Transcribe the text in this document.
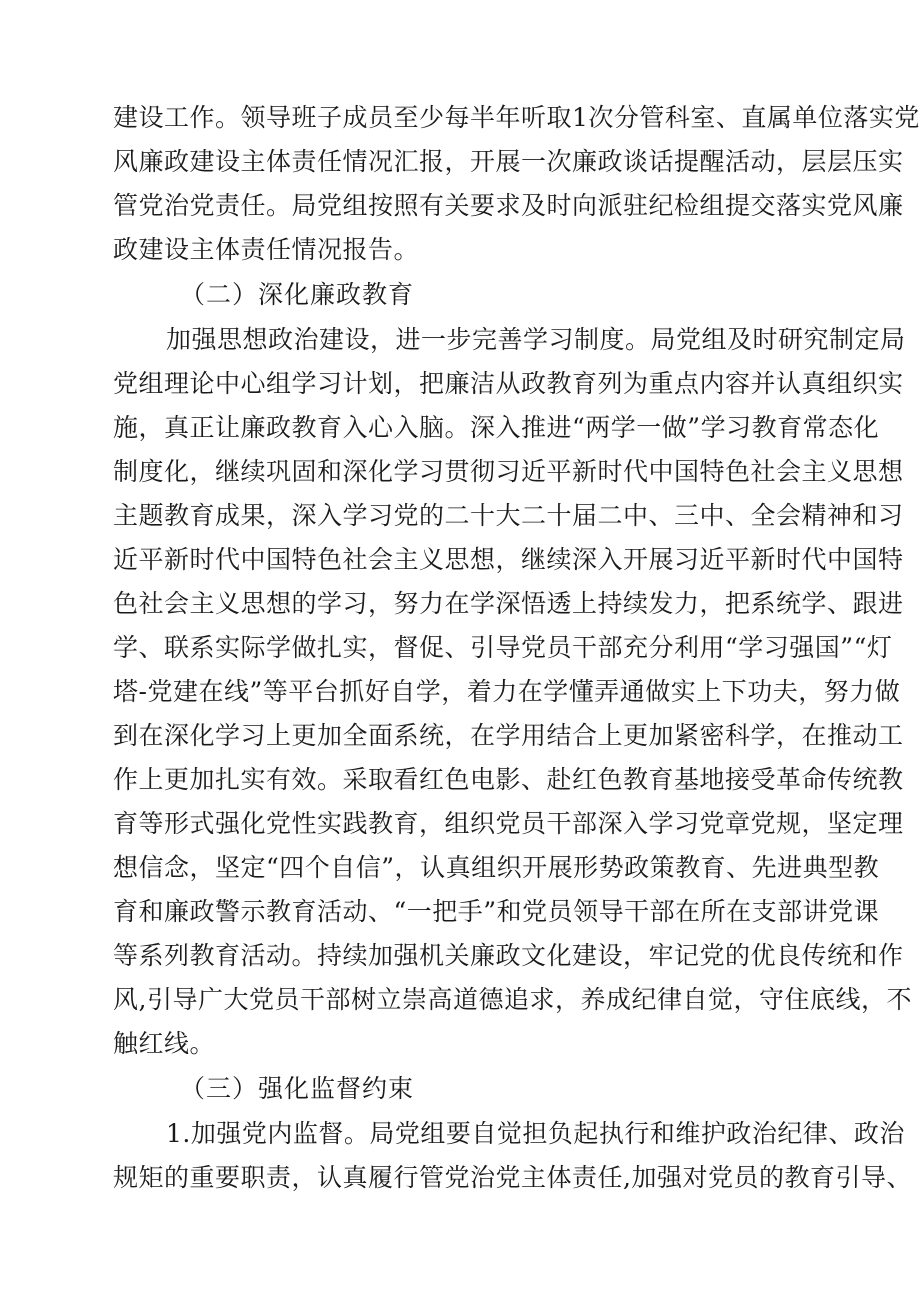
建设工作。领导班子成员至少每半年听取1次分管科室、直属单位落实党
风廉政建设主体责任情况汇报，开展一次廉政谈话提醒活动，层层压实
管党治党责任。局党组按照有关要求及时向派驻纪检组提交落实党风廉
政建设主体责任情况报告。
（二）深化廉政教育
加强思想政治建设，进一步完善学习制度。局党组及时研究制定局
党组理论中心组学习计划，把廉洁从政教育列为重点内容并认真组织实
施，真正让廉政教育入心入脑。深入推进“两学一做”学习教育常态化
制度化，继续巩固和深化学习贯彻习近平新时代中国特色社会主义思想
主题教育成果，深入学习党的二十大二十届二中、三中、全会精神和习
近平新时代中国特色社会主义思想，继续深入开展习近平新时代中国特
色社会主义思想的学习，努力在学深悟透上持续发力，把系统学、跟进
学、联系实际学做扎实，督促、引导党员干部充分利用“学习强国”“灯
塔-党建在线”等平台抓好自学，着力在学懂弄通做实上下功夫，努力做
到在深化学习上更加全面系统，在学用结合上更加紧密科学，在推动工
作上更加扎实有效。采取看红色电影、赴红色教育基地接受革命传统教
育等形式强化党性实践教育，组织党员干部深入学习党章党规，坚定理
想信念，坚定“四个自信”，认真组织开展形势政策教育、先进典型教
育和廉政警示教育活动、“一把手”和党员领导干部在所在支部讲党课
等系列教育活动。持续加强机关廉政文化建设，牢记党的优良传统和作
风,引导广大党员干部树立崇高道德追求，养成纪律自觉，守住底线，不
触红线。
（三）强化监督约束
1.加强党内监督。局党组要自觉担负起执行和维护政治纪律、政治
规矩的重要职责，认真履行管党治党主体责任,加强对党员的教育引导、
